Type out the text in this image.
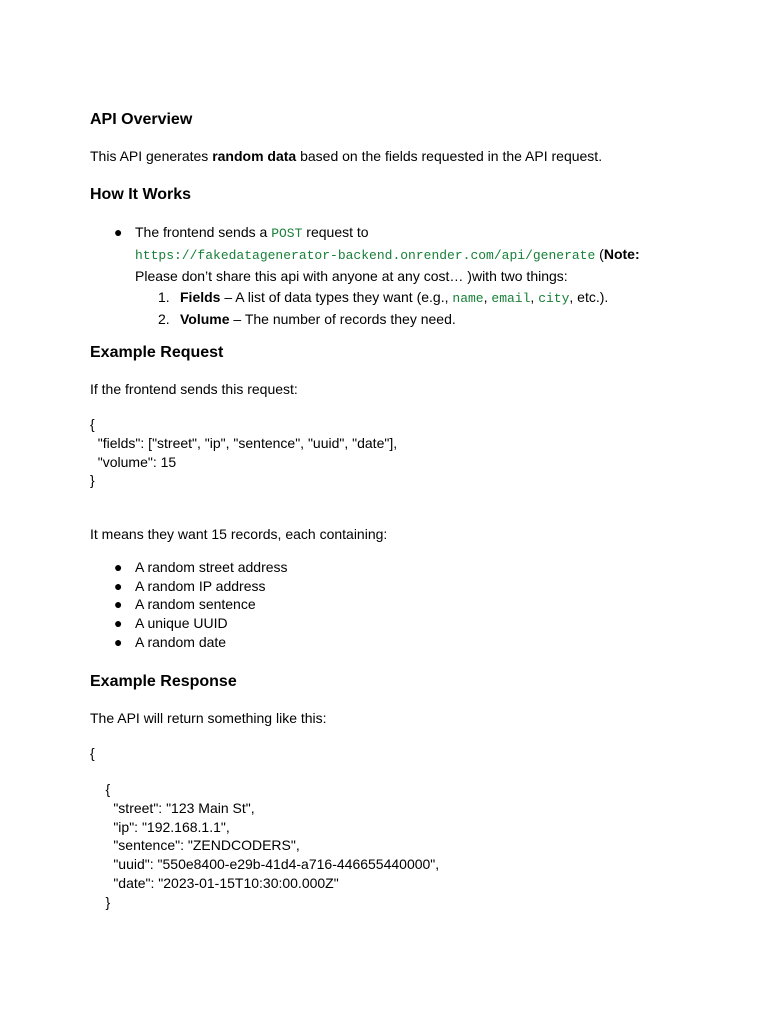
API Overview

This API generates random data based on the fields requested in the API request.

How It Works
● The frontend sends a POST request to
https://fakedatagenerator-backend.onrender.com/api/generate (Note:
Please don’t share this api with anyone at any cost… )with two things:
1. Fields – A list of data types they want (e.g., name, email, city, etc.).
2. Volume – The number of records they need.
Example Request

If the frontend sends this request:

{
"fields": ["street", "ip", "sentence", "uuid", "date"],
"volume": 15
}

It means they want 15 records, each containing:

● A random street address
● A random IP address
● A random sentence
● A unique UUID
● A random date
Example Response

The API will return something like this:

{
{
"street": "123 Main St",
"ip": "192.168.1.1",
"sentence": "ZENDCODERS",
"uuid": "550e8400-e29b-41d4-a716-446655440000",
"date": "2023-01-15T10:30:00.000Z"
}
